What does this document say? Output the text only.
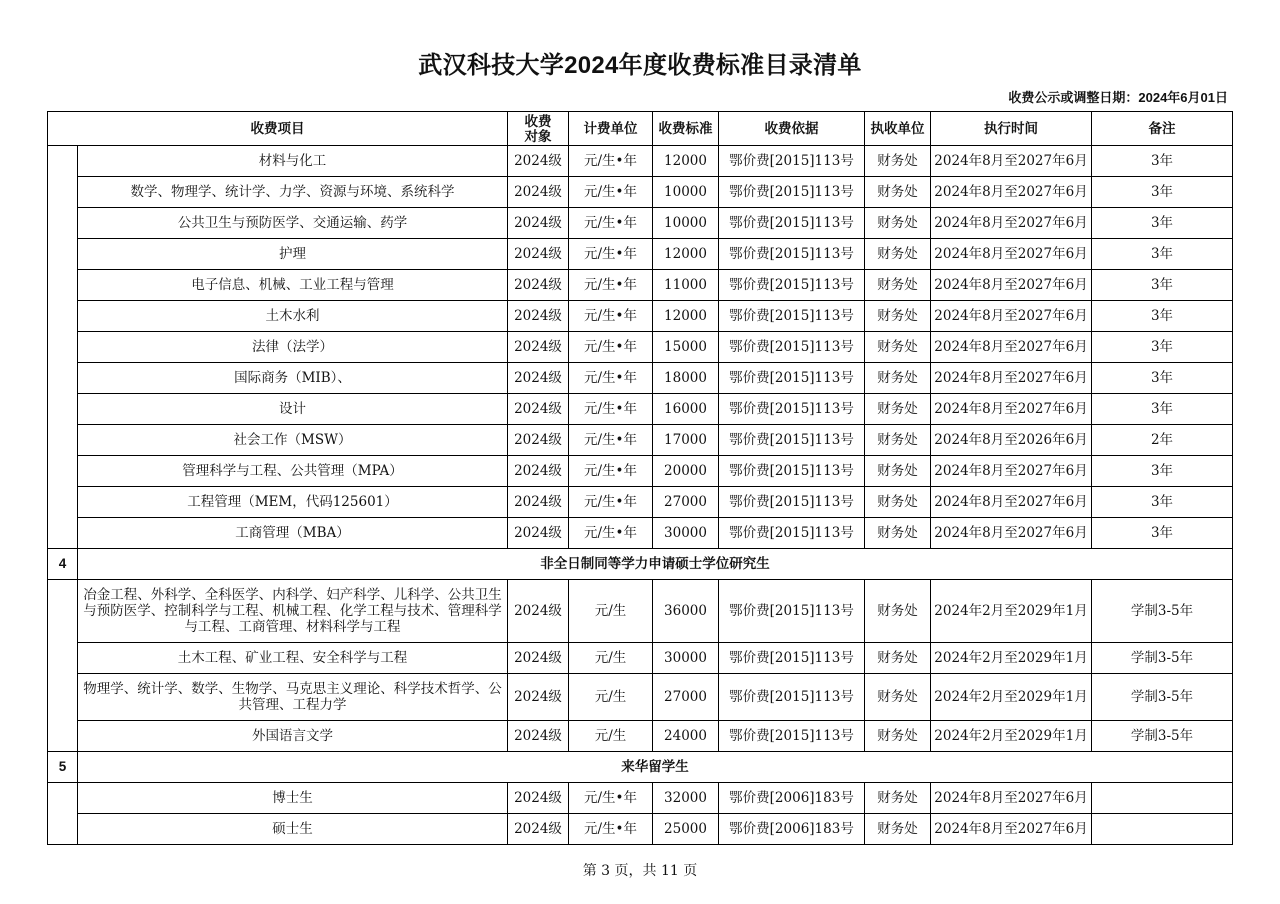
武汉科技大学2024年度收费标准目录清单
收费公示或调整日期：2024年6月01日
收费项目		收费对象	计费单位	收费标准	收费依据	执收单位	执行时间	备注
	材料与化工	2024级	元/生•年	12000	鄂价费[2015]113号	财务处	2024年8月至2027年6月	3年
	数学、物理学、统计学、力学、资源与环境、系统科学	2024级	元/生•年	10000	鄂价费[2015]113号	财务处	2024年8月至2027年6月	3年
	公共卫生与预防医学、交通运输、药学	2024级	元/生•年	10000	鄂价费[2015]113号	财务处	2024年8月至2027年6月	3年
	护理	2024级	元/生•年	12000	鄂价费[2015]113号	财务处	2024年8月至2027年6月	3年
	电子信息、机械、工业工程与管理	2024级	元/生•年	11000	鄂价费[2015]113号	财务处	2024年8月至2027年6月	3年
	土木水利	2024级	元/生•年	12000	鄂价费[2015]113号	财务处	2024年8月至2027年6月	3年
	法律（法学）	2024级	元/生•年	15000	鄂价费[2015]113号	财务处	2024年8月至2027年6月	3年
	国际商务（MIB）、	2024级	元/生•年	18000	鄂价费[2015]113号	财务处	2024年8月至2027年6月	3年
	设计	2024级	元/生•年	16000	鄂价费[2015]113号	财务处	2024年8月至2027年6月	3年
	社会工作（MSW）	2024级	元/生•年	17000	鄂价费[2015]113号	财务处	2024年8月至2026年6月	2年
	管理科学与工程、公共管理（MPA）	2024级	元/生•年	20000	鄂价费[2015]113号	财务处	2024年8月至2027年6月	3年
	工程管理（MEM，代码125601）	2024级	元/生•年	27000	鄂价费[2015]113号	财务处	2024年8月至2027年6月	3年
	工商管理（MBA）	2024级	元/生•年	30000	鄂价费[2015]113号	财务处	2024年8月至2027年6月	3年
4	非全日制同等学力申请硕士学位研究生							
	冶金工程、外科学、全科医学、内科学、妇产科学、儿科学、公共卫生与预防医学、控制科学与工程、机械工程、化学工程与技术、管理科学与工程、工商管理、材料科学与工程	2024级	元/生	36000	鄂价费[2015]113号	财务处	2024年2月至2029年1月	学制3-5年
	土木工程、矿业工程、安全科学与工程	2024级	元/生	30000	鄂价费[2015]113号	财务处	2024年2月至2029年1月	学制3-5年
	物理学、统计学、数学、生物学、马克思主义理论、科学技术哲学、公共管理、工程力学	2024级	元/生	27000	鄂价费[2015]113号	财务处	2024年2月至2029年1月	学制3-5年
	外国语言文学	2024级	元/生	24000	鄂价费[2015]113号	财务处	2024年2月至2029年1月	学制3-5年
5	来华留学生							
	博士生	2024级	元/生•年	32000	鄂价费[2006]183号	财务处	2024年8月至2027年6月	
	硕士生	2024级	元/生•年	25000	鄂价费[2006]183号	财务处	2024年8月至2027年6月	
第 3 页，共 11 页
